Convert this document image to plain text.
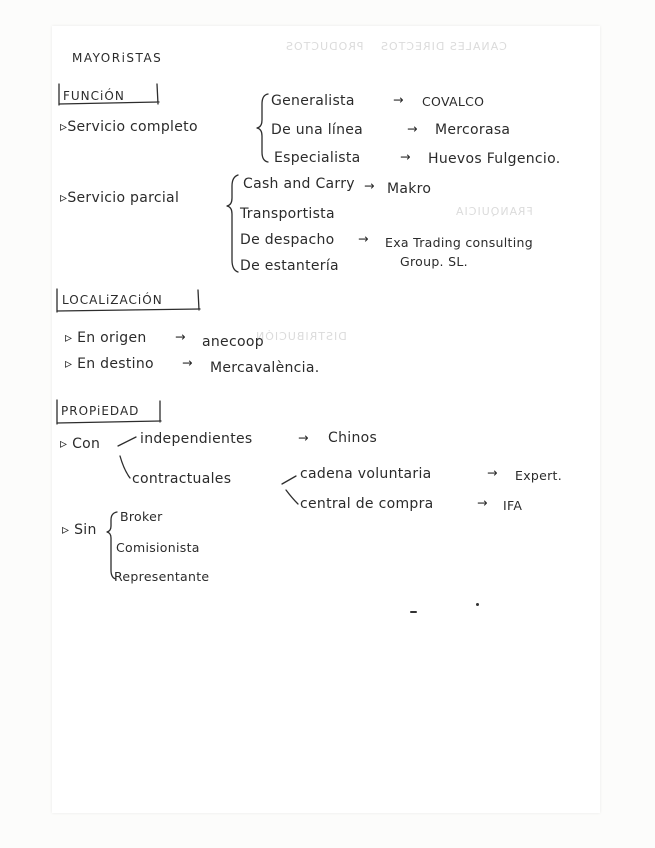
PRODUCTOS CANALES DIRECTOS
FRANQUICIA
DISTRIBUCIÓN
MAYORiSTAS
FUNCiÓN
▹Servicio completo
Generalista	→ COVALCO
De una línea	→ Mercorasa
Especialista	→ Huevos Fulgencio.
▹Servicio parcial
Cash and Carry → Makro
Transportista
De despacho → Exa Trading consulting
Group. SL.
De estantería
LOCALiZACiÓN
▹ En origen → anecoop
▹ En destino → Mercavalència.
PROPiEDAD
▹ Con	independientes	→ Chinos
contractuales	cadena voluntaria	→ Expert.
central de compra	→ IFA
▹ Sin
Broker
Comisionista
Representante
